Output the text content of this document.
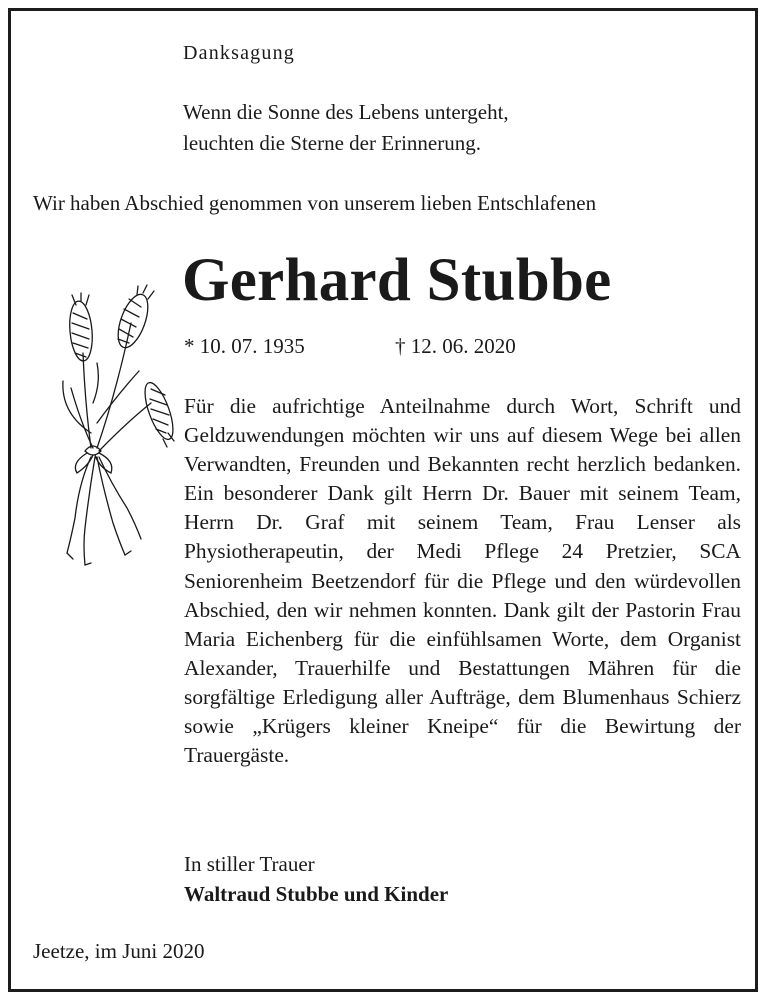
Danksagung
Wenn die Sonne des Lebens untergeht,
leuchten die Sterne der Erinnerung.
Wir haben Abschied genommen von unserem lieben Entschlafenen
Gerhard Stubbe
* 10. 07. 1935	† 12. 06. 2020
Für die aufrichtige Anteilnahme durch Wort, Schrift und Geldzuwendungen möchten wir uns auf diesem Wege bei allen Verwandten, Freunden und Bekannten recht herzlich bedanken. Ein besonderer Dank gilt Herrn Dr. Bauer mit seinem Team, Herrn Dr. Graf mit seinem Team, Frau Lenser als Physiotherapeutin, der Medi Pflege 24 Pretzier, SCA Seniorenheim Beetzendorf für die Pflege und den würdevollen Abschied, den wir nehmen konnten. Dank gilt der Pastorin Frau Maria Eichenberg für die einfühlsamen Worte, dem Organist Alexander, Trauerhilfe und Bestattungen Mähren für die sorgfältige Erledigung aller Aufträge, dem Blumenhaus Schierz sowie „Krügers kleiner Kneipe“ für die Bewirtung der Trauergäste.
In stiller Trauer
Waltraud Stubbe und Kinder
Jeetze, im Juni 2020
